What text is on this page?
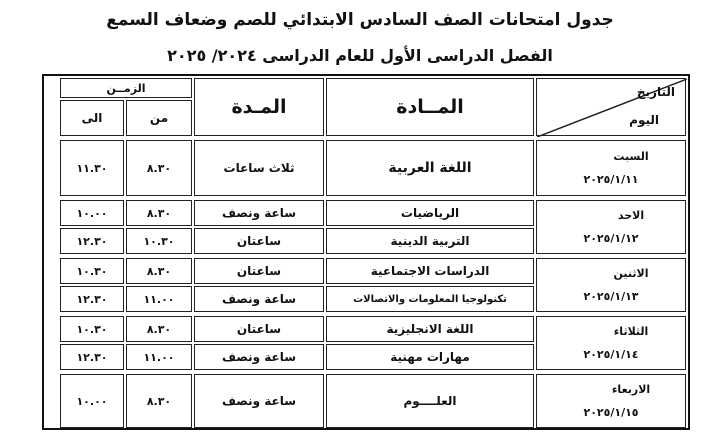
جدول امتحانات الصف السادس الابتدائي للصم وضعاف السمع
الفصل الدراسى الأول للعام الدراسى ٢٠٢٤/ ٢٠٢٥
التاريخ
اليوم
المــادة
المـدة
الزمــن
من
الى
السبت
٢٠٢٥/١/١١
الاحد
٢٠٢٥/١/١٢
الاثنين
٢٠٢٥/١/١٣
الثلاثاء
٢٠٢٥/١/١٤
الاربعاء
٢٠٢٥/١/١٥
اللغة العربية
ثلاث ساعات
٨.٣٠
١١.٣٠
الرياضيات
ساعة ونصف
٨.٣٠
١٠.٠٠
التربية الدينية
ساعتان
١٠.٣٠
١٢.٣٠
الدراسات الاجتماعية
ساعتان
٨.٣٠
١٠.٣٠
تكنولوجيا المعلومات والاتصالات
ساعة ونصف
١١.٠٠
١٢.٣٠
اللغة الانجليزية
ساعتان
٨.٣٠
١٠.٣٠
مهارات مهنية
ساعة ونصف
١١.٠٠
١٢.٣٠
العلــــوم
ساعة ونصف
٨.٣٠
١٠.٠٠
